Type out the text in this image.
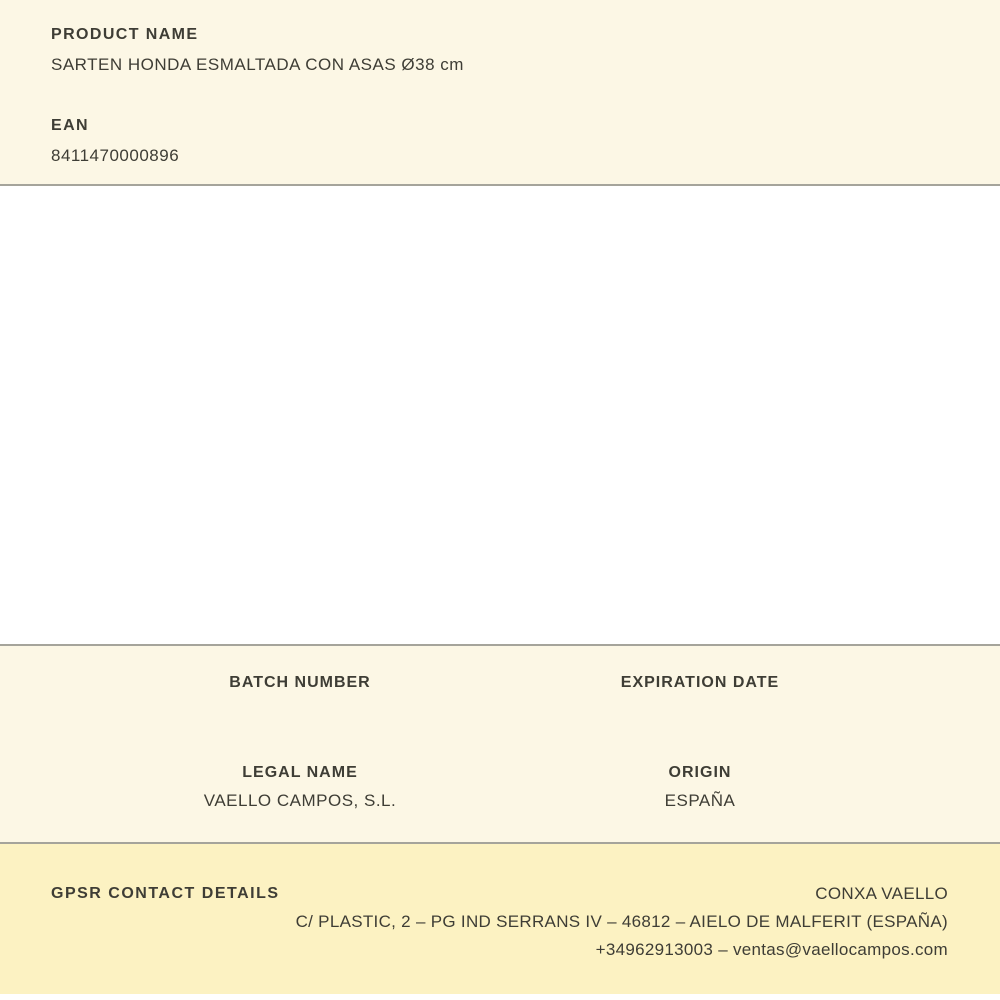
PRODUCT NAME
SARTEN HONDA ESMALTADA CON ASAS Ø38 cm
EAN
8411470000896
BATCH NUMBER	EXPIRATION DATE
LEGAL NAME
VAELLO CAMPOS, S.L.
ORIGIN
ESPAÑA
GPSR CONTACT DETAILS	CONXA VAELLO
C/ PLASTIC, 2 – PG IND SERRANS IV – 46812 – AIELO DE MALFERIT (ESPAÑA)
+34962913003 – ventas@vaellocampos.com
